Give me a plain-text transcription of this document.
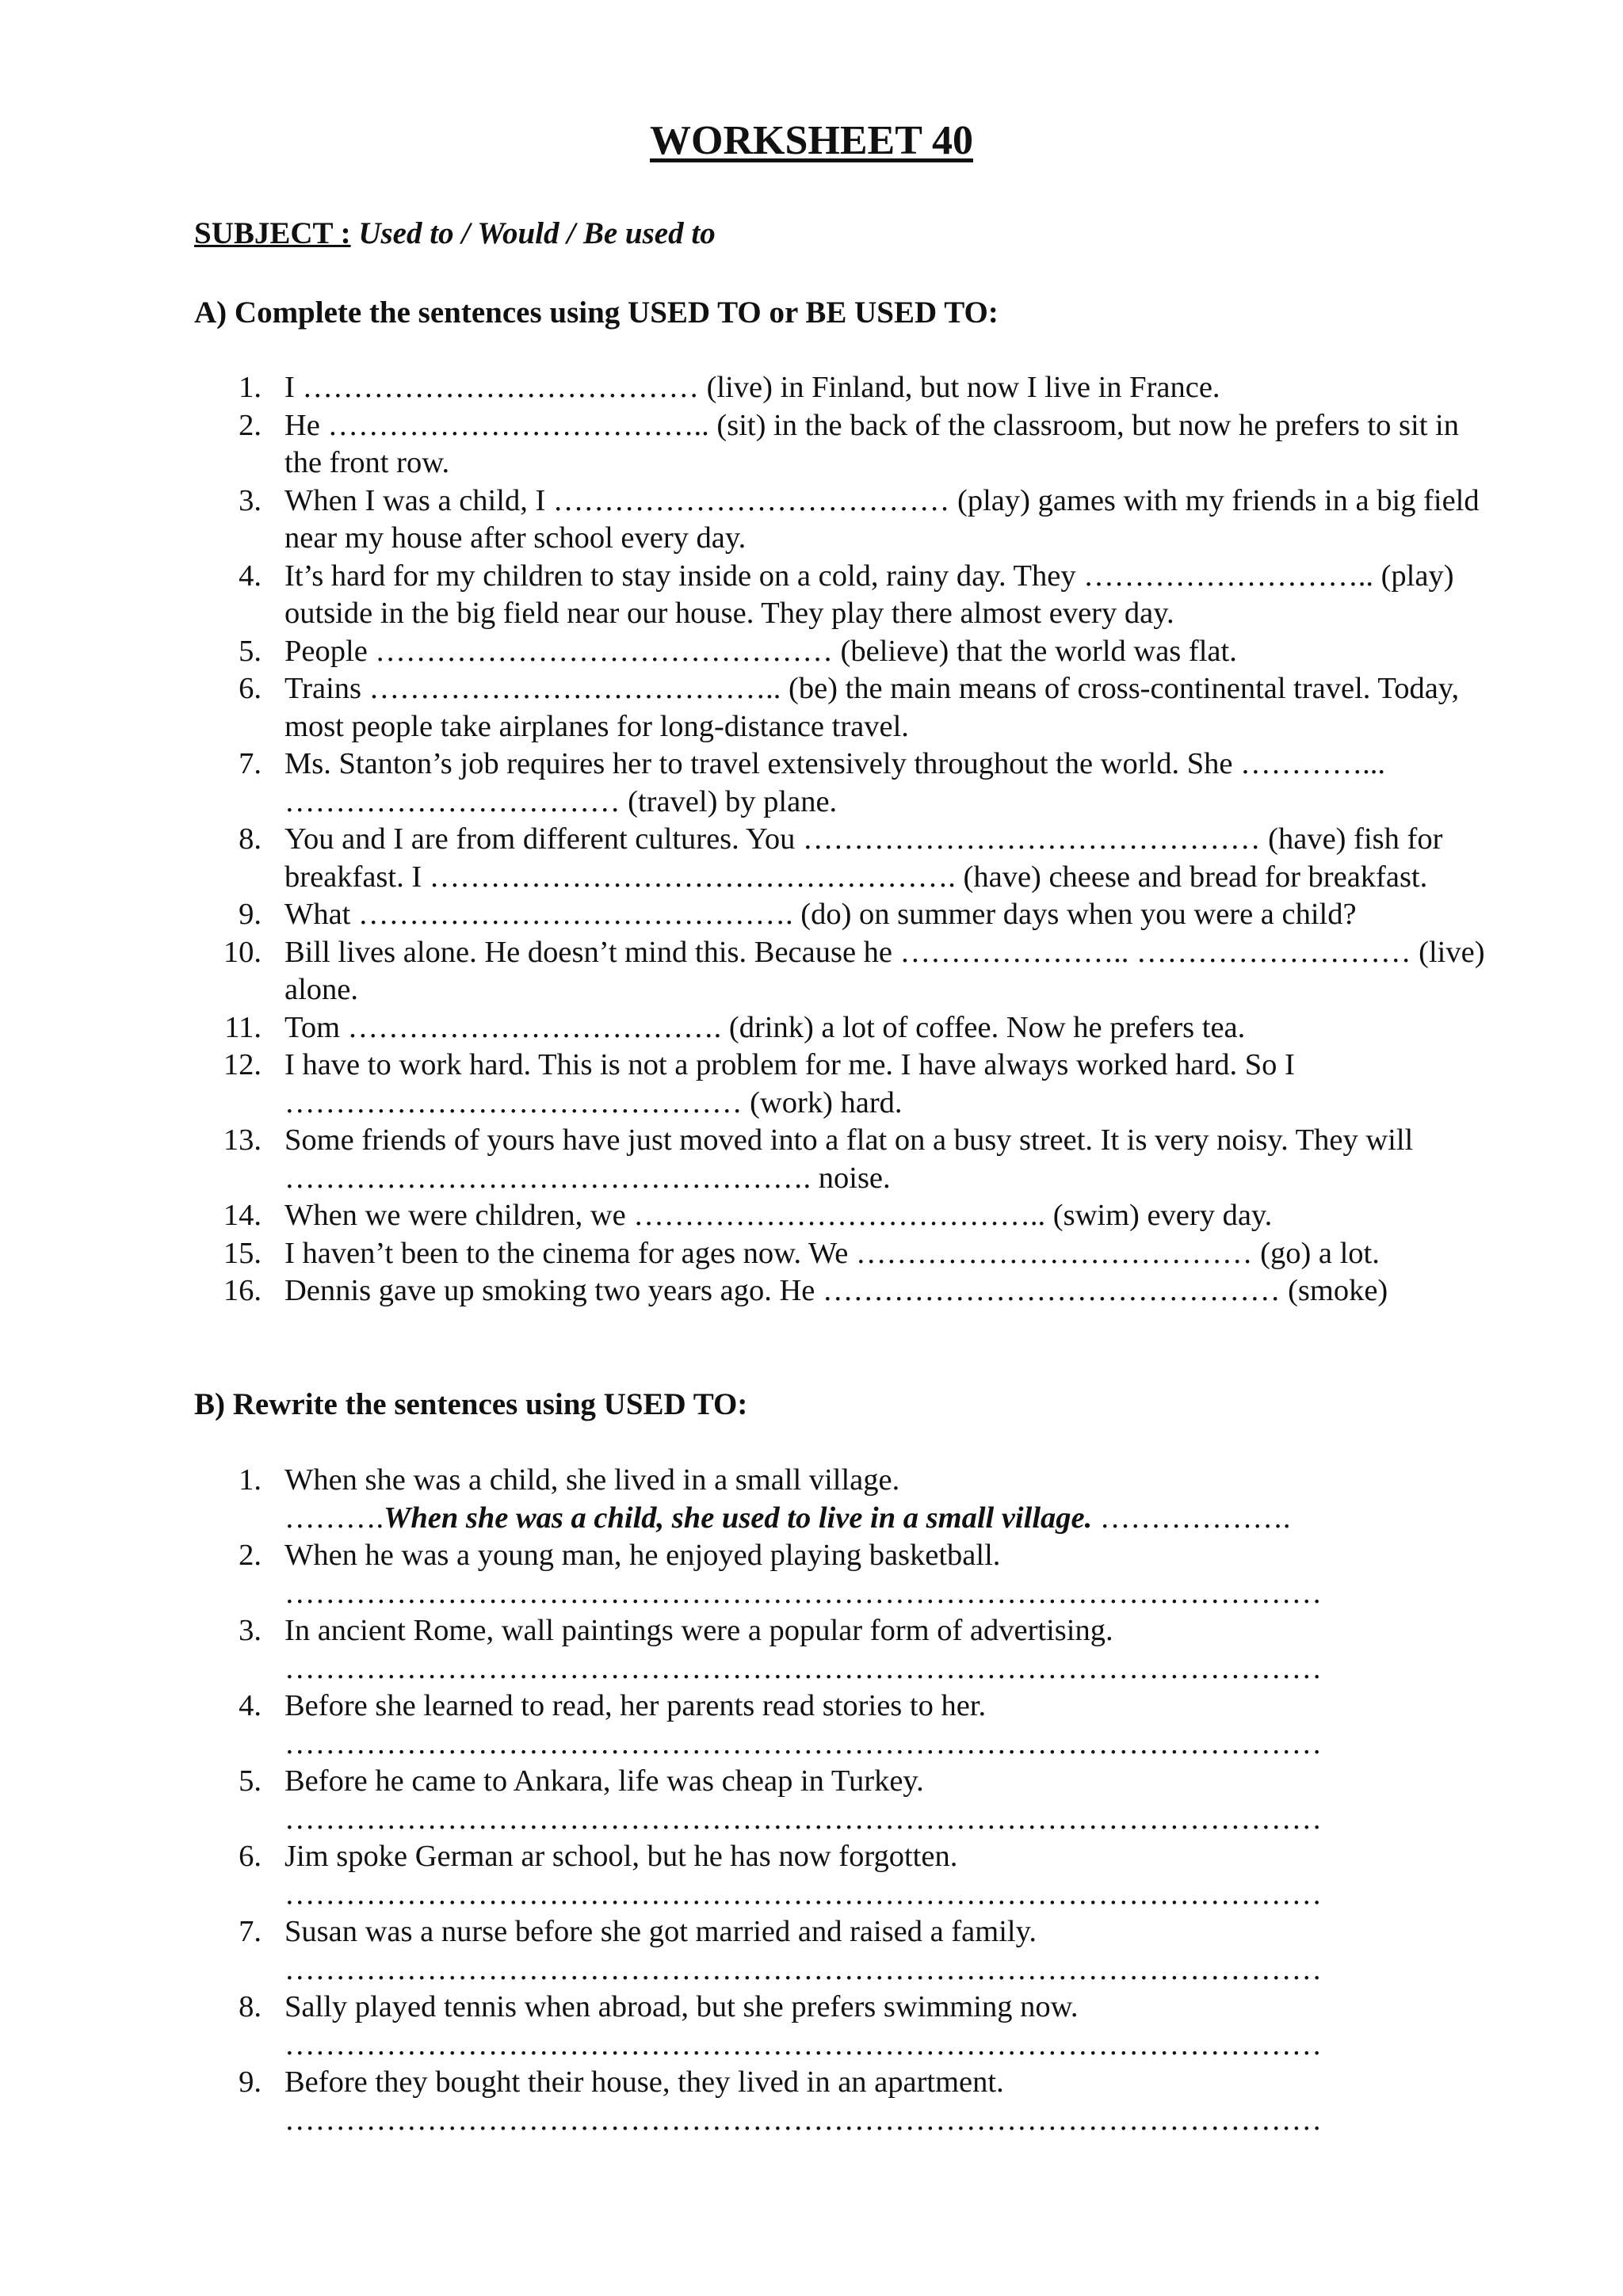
WORKSHEET 40
SUBJECT : Used to / Would / Be used to
A) Complete the sentences using USED TO or BE USED TO:
1. I ………………………………… (live) in Finland, but now I live in France.
2. He ……………………………….. (sit) in the back of the classroom, but now he prefers to sit in the front row.
3. When I was a child, I ………………………………… (play) games with my friends in a big field near my house after school every day.
4. It’s hard for my children to stay inside on a cold, rainy day. They ……………………….. (play) outside in the big field near our house. They play there almost every day.
5. People ……………………………………… (believe) that the world was flat.
6. Trains ………………………………….. (be) the main means of cross-continental travel. Today, most people take airplanes for long-distance travel.
7. Ms. Stanton’s job requires her to travel extensively throughout the world. She …………... …………………………… (travel) by plane.
8. You and I are from different cultures. You ……………………………………… (have) fish for breakfast. I ……………………………………………. (have) cheese and bread for breakfast.
9. What ……………………………………. (do) on summer days when you were a child?
10. Bill lives alone. He doesn’t mind this. Because he ………………….. ……………………… (live) alone.
11. Tom ………………………………. (drink) a lot of coffee. Now he prefers tea.
12. I have to work hard. This is not a problem for me. I have always worked hard. So I ……………………………………… (work) hard.
13. Some friends of yours have just moved into a flat on a busy street. It is very noisy. They will ……………………………………………. noise.
14. When we were children, we ………………………………….. (swim) every day.
15. I haven’t been to the cinema for ages now. We ………………………………… (go) a lot.
16. Dennis gave up smoking two years ago. He ……………………………………… (smoke)
B) Rewrite the sentences using USED TO:
1. When she was a child, she lived in a small village.
……….When she was a child, she used to live in a small village. ……………….
2. When he was a young man, he enjoyed playing basketball.
…………………………………………………………………………………………
3. In ancient Rome, wall paintings were a popular form of advertising.
…………………………………………………………………………………………
4. Before she learned to read, her parents read stories to her.
…………………………………………………………………………………………
5. Before he came to Ankara, life was cheap in Turkey.
…………………………………………………………………………………………
6. Jim spoke German ar school, but he has now forgotten.
…………………………………………………………………………………………
7. Susan was a nurse before she got married and raised a family.
…………………………………………………………………………………………
8. Sally played tennis when abroad, but she prefers swimming now.
…………………………………………………………………………………………
9. Before they bought their house, they lived in an apartment.
…………………………………………………………………………………………
